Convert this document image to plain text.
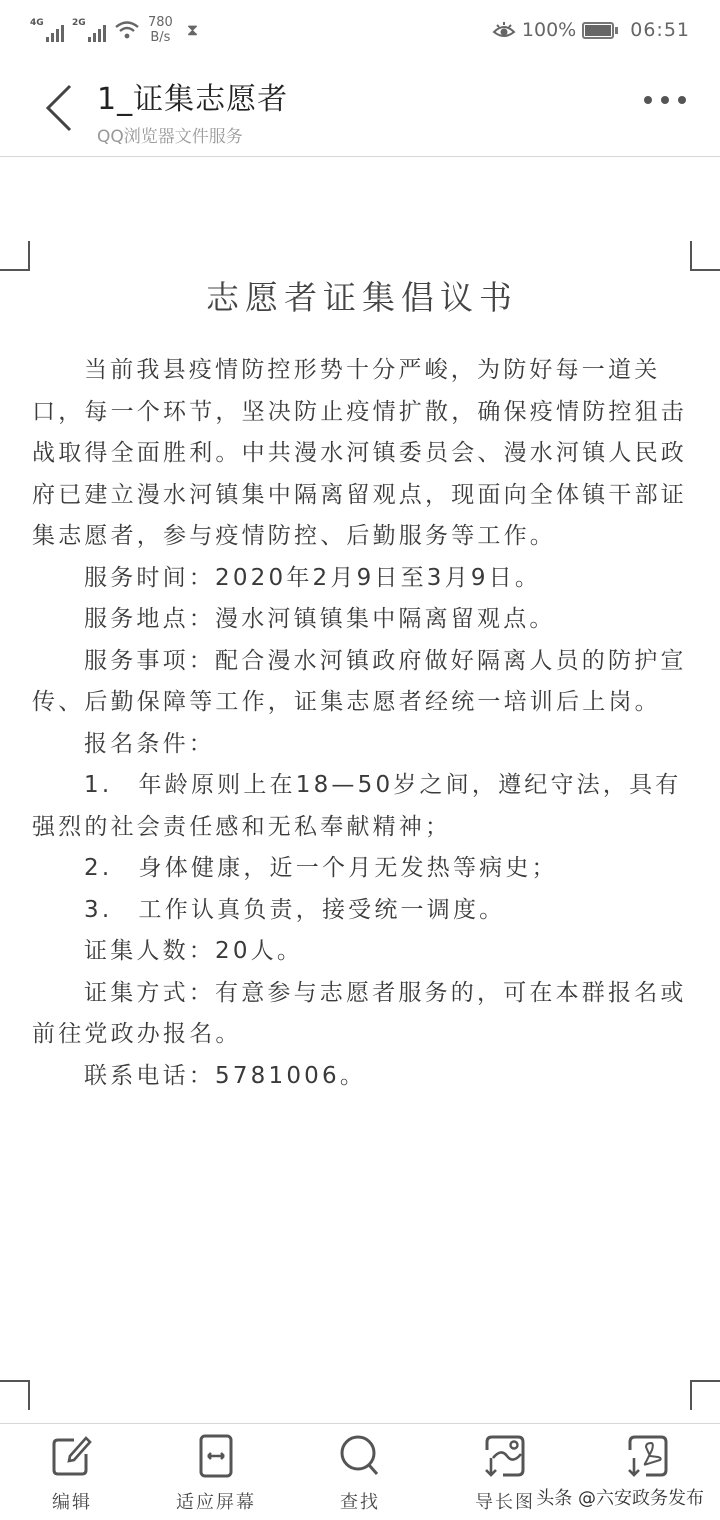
4G	2G	780
B/s ⧗	100%	06:51
1_证集志愿者
QQ浏览器文件服务
志愿者证集倡议书

当前我县疫情防控形势十分严峻，为防好每一道关口，每一个环节，坚决防止疫情扩散，确保疫情防控狙击战取得全面胜利。中共漫水河镇委员会、漫水河镇人民政府已建立漫水河镇集中隔离留观点，现面向全体镇干部证集志愿者，参与疫情防控、后勤服务等工作。

服务时间：2020年2月9日至3月9日。

服务地点：漫水河镇镇集中隔离留观点。

服务事项：配合漫水河镇政府做好隔离人员的防护宣传、后勤保障等工作，证集志愿者经统一培训后上岗。

报名条件：

1.　年龄原则上在18—50岁之间，遵纪守法，具有强烈的社会责任感和无私奉献精神；

2.　身体健康，近一个月无发热等病史；

3.　工作认真负责，接受统一调度。

证集人数：20人。

证集方式：有意参与志愿者服务的，可在本群报名或前往党政办报名。

联系电话：5781006。

编辑	适应屏幕	查找	导长图 头条 @六安政务发布
